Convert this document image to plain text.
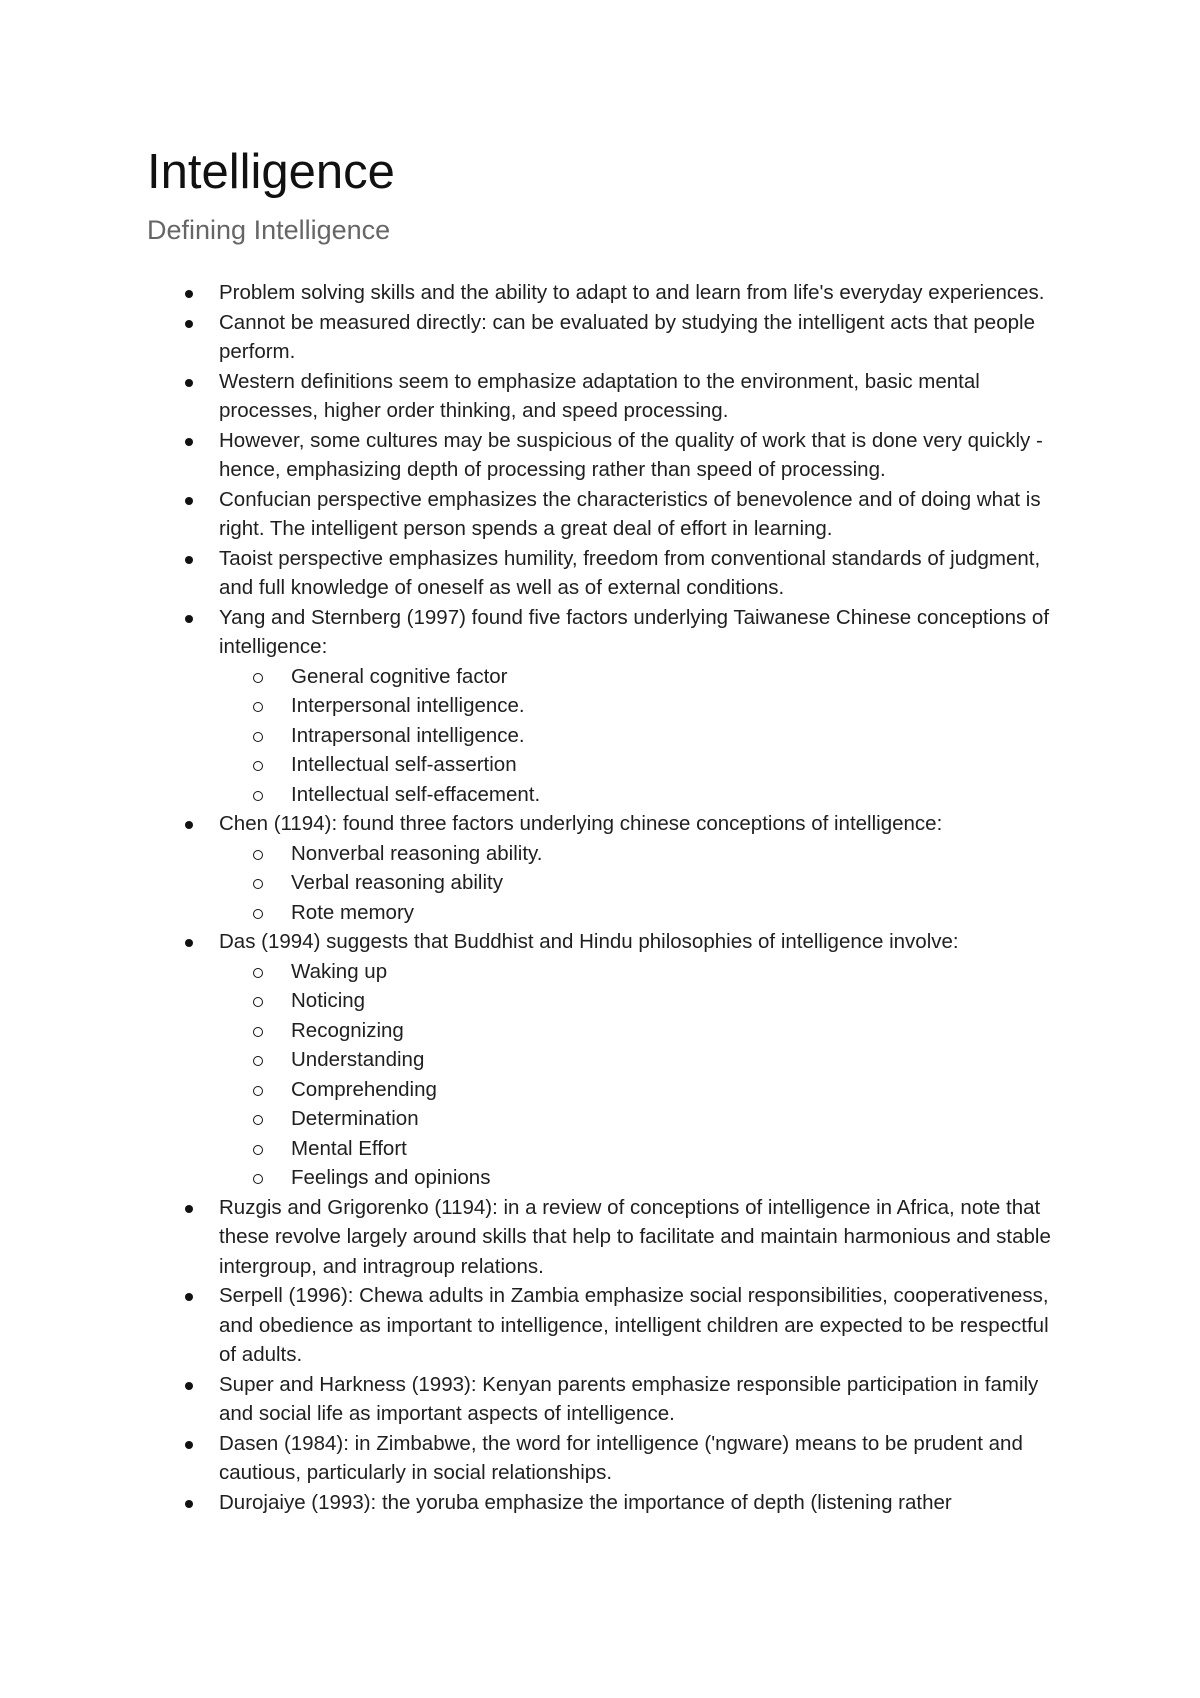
Intelligence
Defining Intelligence
Problem solving skills and the ability to adapt to and learn from life's everyday experiences.
Cannot be measured directly: can be evaluated by studying the intelligent acts that people perform.
Western definitions seem to emphasize adaptation to the environment, basic mental processes, higher order thinking, and speed processing.
However, some cultures may be suspicious of the quality of work that is done very quickly - hence, emphasizing depth of processing rather than speed of processing.
Confucian perspective emphasizes the characteristics of benevolence and of doing what is right. The intelligent person spends a great deal of effort in learning.
Taoist perspective emphasizes humility, freedom from conventional standards of judgment, and full knowledge of oneself as well as of external conditions.
Yang and Sternberg (1997) found five factors underlying Taiwanese Chinese conceptions of intelligence:
General cognitive factor
Interpersonal intelligence.
Intrapersonal intelligence.
Intellectual self-assertion
Intellectual self-effacement.
Chen (1194): found three factors underlying chinese conceptions of intelligence:
Nonverbal reasoning ability.
Verbal reasoning ability
Rote memory
Das (1994) suggests that Buddhist and Hindu philosophies of intelligence involve:
Waking up
Noticing
Recognizing
Understanding
Comprehending
Determination
Mental Effort
Feelings and opinions
Ruzgis and Grigorenko (1194): in a review of conceptions of intelligence in Africa, note that these revolve largely around skills that help to facilitate and maintain harmonious and stable intergroup, and intragroup relations.
Serpell (1996): Chewa adults in Zambia emphasize social responsibilities, cooperativeness, and obedience as important to intelligence, intelligent children are expected to be respectful of adults.
Super and Harkness (1993): Kenyan parents emphasize responsible participation in family and social life as important aspects of intelligence.
Dasen (1984): in Zimbabwe, the word for intelligence ('ngware) means to be prudent and cautious, particularly in social relationships.
Durojaiye (1993): the yoruba emphasize the importance of depth (listening rather
